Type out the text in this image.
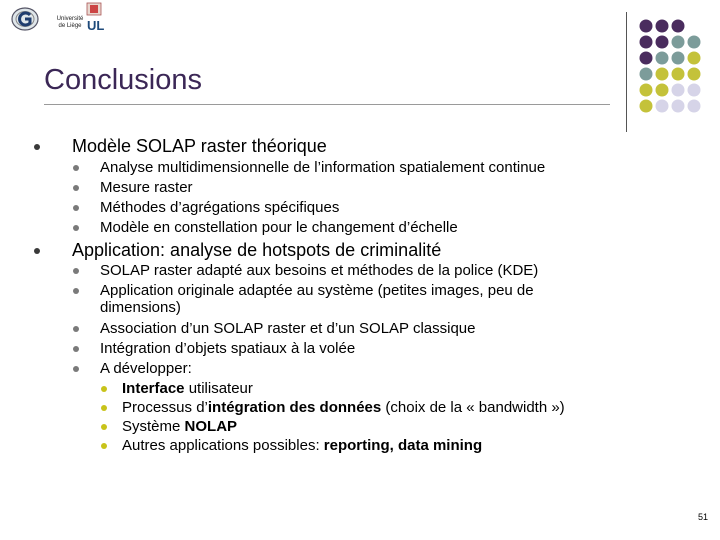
Université
de Liège UL
Conclusions
Modèle SOLAP raster théorique
Analyse multidimensionnelle de l’information spatialement continue
Mesure raster
Méthodes d’agrégations spécifiques
Modèle en constellation pour le changement d’échelle
Application: analyse de hotspots de criminalité
SOLAP raster adapté aux besoins et méthodes de la police (KDE)
Application originale adaptée au système (petites images, peu de
dimensions)
Association d’un SOLAP raster et d’un SOLAP classique
Intégration d’objets spatiaux à la volée
A développer:
Interface utilisateur
Processus d’intégration des données (choix de la « bandwidth »)
Système NOLAP
Autres applications possibles: reporting, data mining
51
